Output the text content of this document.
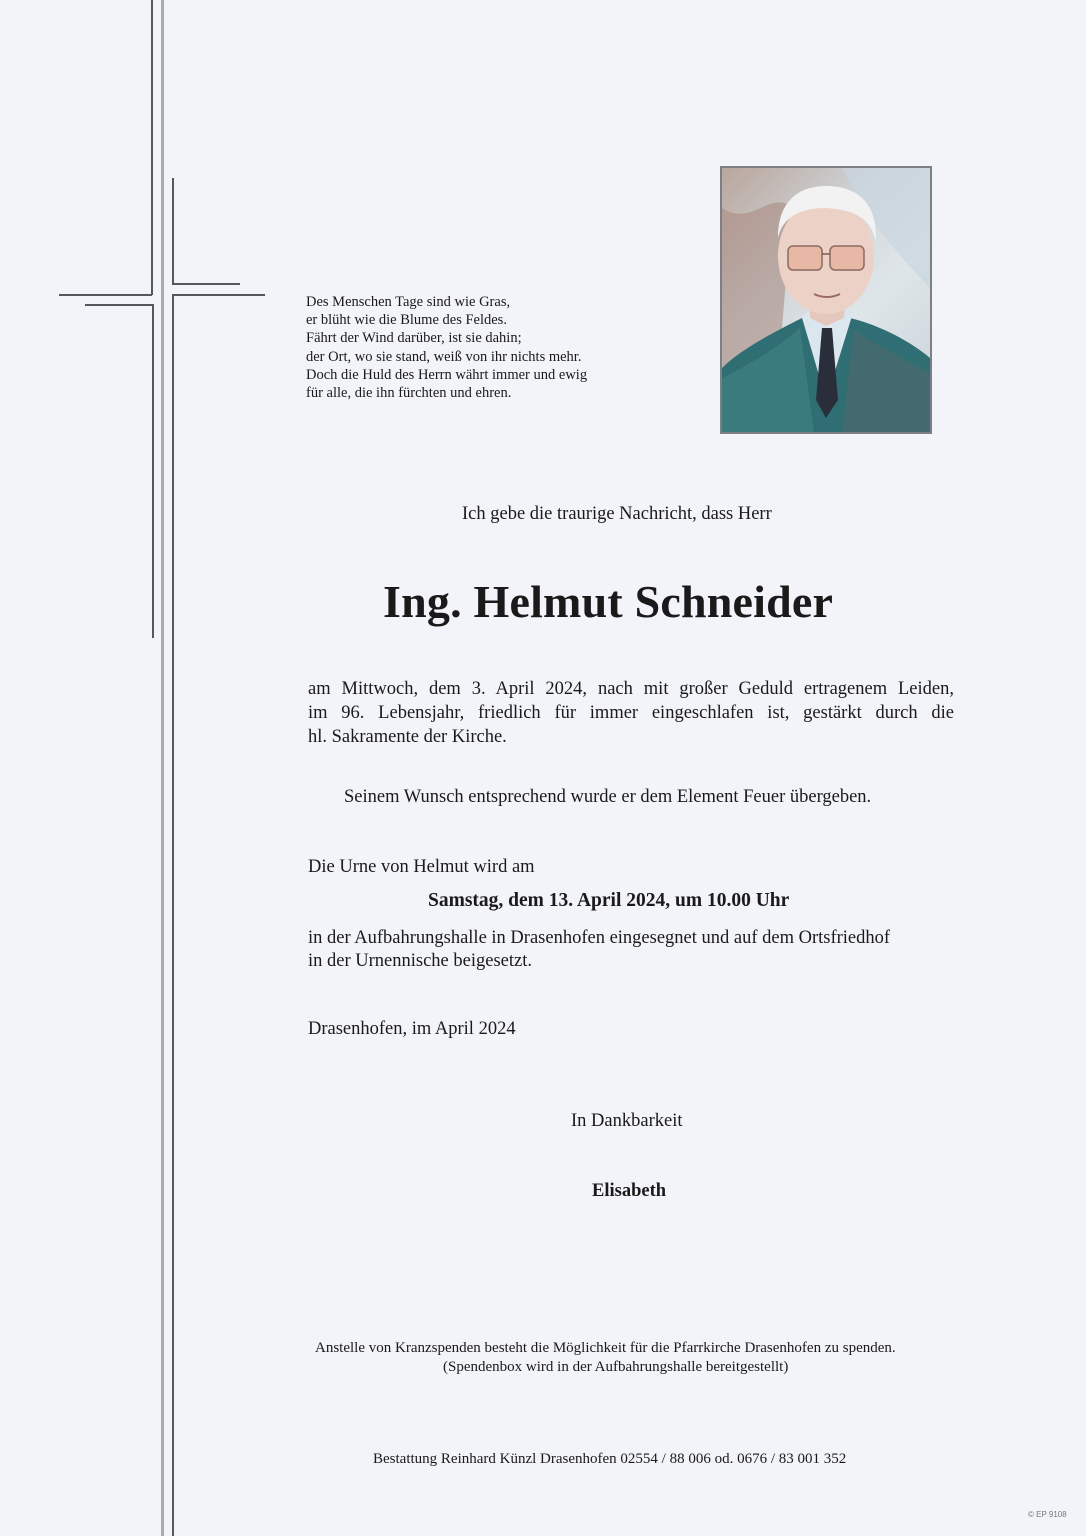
Des Menschen Tage sind wie Gras,
er blüht wie die Blume des Feldes.
Fährt der Wind darüber, ist sie dahin;
der Ort, wo sie stand, weiß von ihr nichts mehr.
Doch die Huld des Herrn währt immer und ewig
für alle, die ihn fürchten und ehren.
Ich gebe die traurige Nachricht, dass Herr
Ing. Helmut Schneider
am Mittwoch, dem 3. April 2024, nach mit großer Geduld ertragenem Leiden,
im 96. Lebensjahr, friedlich für immer eingeschlafen ist, gestärkt durch die
hl. Sakramente der Kirche.
Seinem Wunsch entsprechend wurde er dem Element Feuer übergeben.
Die Urne von Helmut wird am
Samstag, dem 13. April 2024, um 10.00 Uhr
in der Aufbahrungshalle in Drasenhofen eingesegnet und auf dem Ortsfriedhof
in der Urnennische beigesetzt.
Drasenhofen, im April 2024
In Dankbarkeit
Elisabeth
Anstelle von Kranzspenden besteht die Möglichkeit für die Pfarrkirche Drasenhofen zu spenden.
(Spendenbox wird in der Aufbahrungshalle bereitgestellt)
Bestattung Reinhard Künzl Drasenhofen 02554 / 88 006 od. 0676 / 83 001 352
© EP 9108
